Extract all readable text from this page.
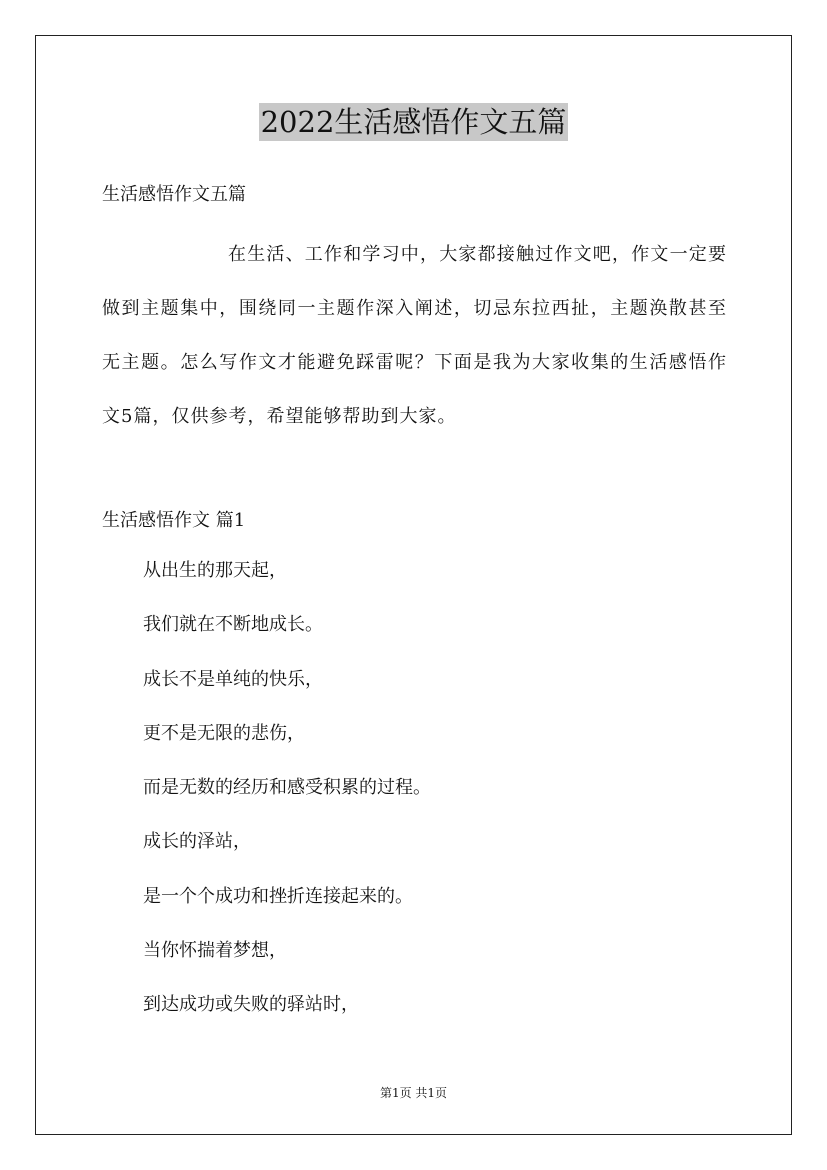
2022生活感悟作文五篇
生活感悟作文五篇
在生活、工作和学习中，大家都接触过作文吧，作文一定要做到主题集中，围绕同一主题作深入阐述，切忌东拉西扯，主题涣散甚至无主题。怎么写作文才能避免踩雷呢？下面是我为大家收集的生活感悟作文5篇，仅供参考，希望能够帮助到大家。
生活感悟作文 篇1
从出生的那天起，
我们就在不断地成长。
成长不是单纯的快乐，
更不是无限的悲伤，
而是无数的经历和感受积累的过程。
成长的泽站，
是一个个成功和挫折连接起来的。
当你怀揣着梦想，
到达成功或失败的驿站时，
第1页 共1页
